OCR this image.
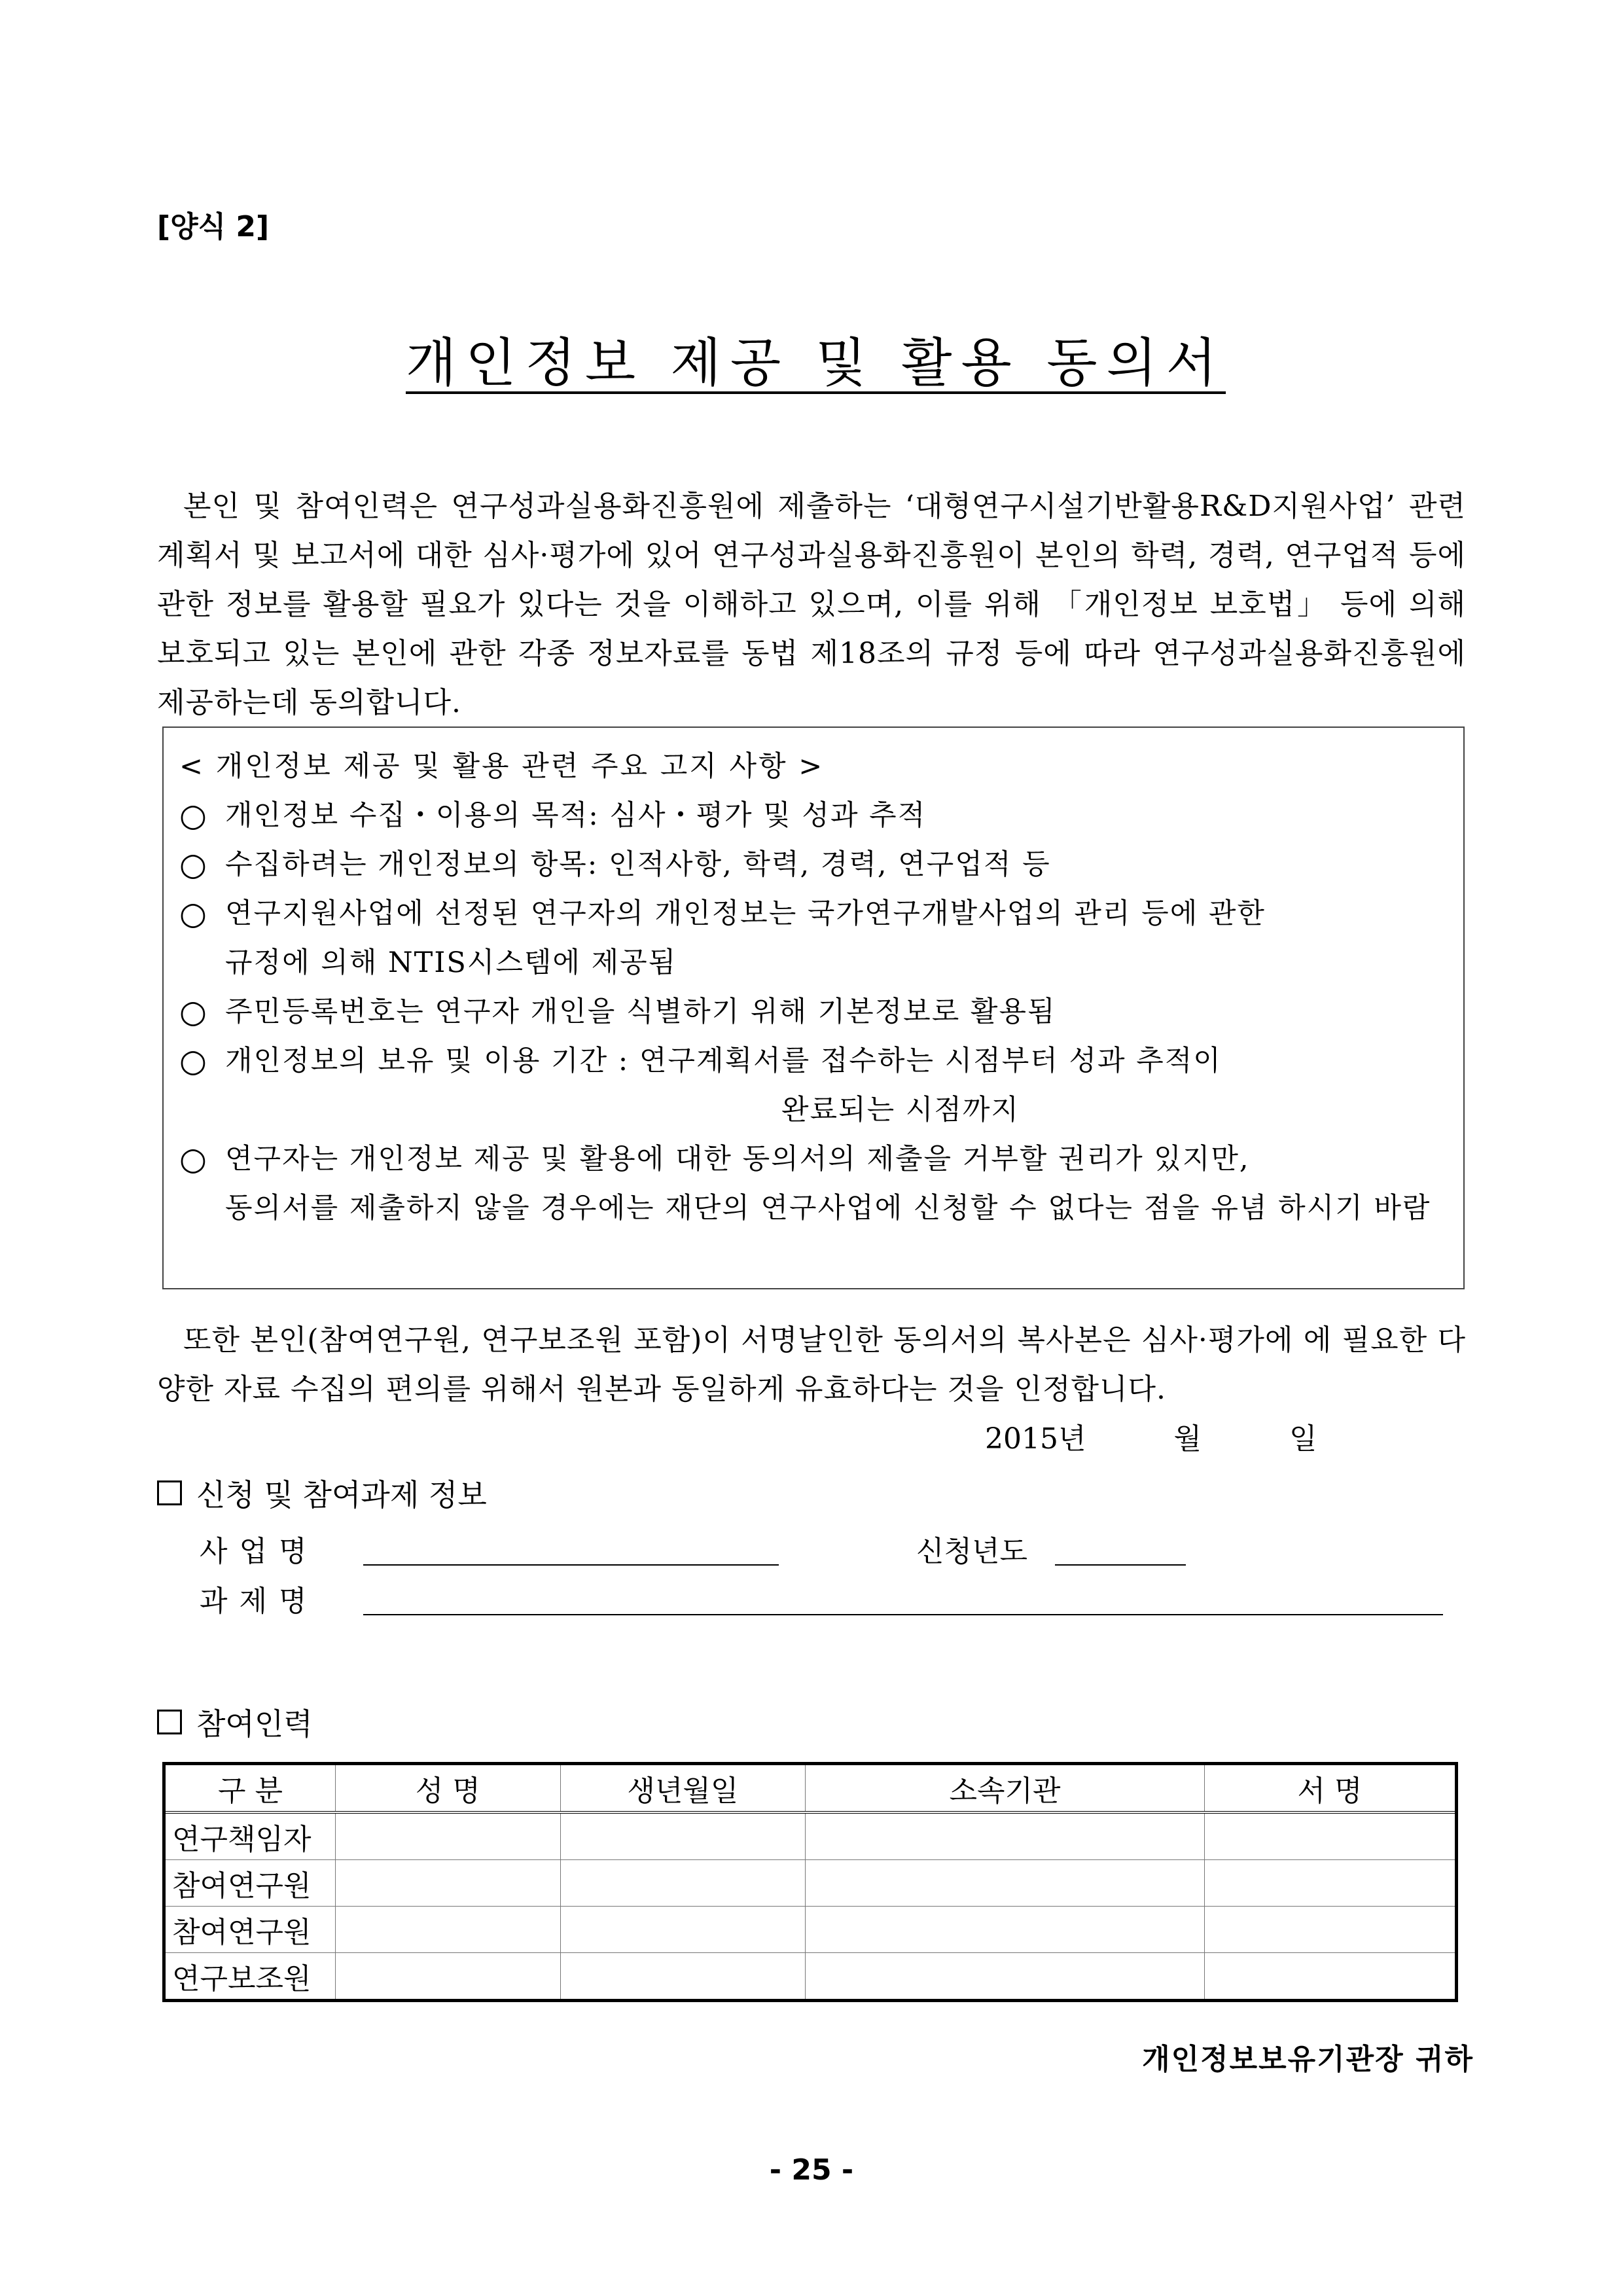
[양식 2]
개인정보 제공 및 활용 동의서
본인 및 참여인력은 연구성과실용화진흥원에 제출하는 ‘대형연구시설기반활용R&D지원사업’ 관련 계획서 및 보고서에 대한 심사·평가에 있어 연구성과실용화진흥원이 본인의 학력, 경력, 연구업적 등에 관한 정보를 활용할 필요가 있다는 것을 이해하고 있으며, 이를 위해 「개인정보 보호법」 등에 의해 보호되고 있는 본인에 관한 각종 정보자료를 동법 제18조의 규정 등에 따라 연구성과실용화진흥원에 제공하는데 동의합니다.
< 개인정보 제공 및 활용 관련 주요 고지 사항 >
○ 개인정보 수집・이용의 목적: 심사・평가 및 성과 추적
○ 수집하려는 개인정보의 항목: 인적사항, 학력, 경력, 연구업적 등
○ 연구지원사업에 선정된 연구자의 개인정보는 국가연구개발사업의 관리 등에 관한
규정에 의해 NTIS시스템에 제공됨
○ 주민등록번호는 연구자 개인을 식별하기 위해 기본정보로 활용됨
○ 개인정보의 보유 및 이용 기간 : 연구계획서를 접수하는 시점부터 성과 추적이
완료되는 시점까지
○ 연구자는 개인정보 제공 및 활용에 대한 동의서의 제출을 거부할 권리가 있지만,
동의서를 제출하지 않을 경우에는 재단의 연구사업에 신청할 수 없다는 점을 유념 하시기 바람
또한 본인(참여연구원, 연구보조원 포함)이 서명날인한 동의서의 복사본은 심사·평가에 에 필요한 다양한 자료 수집의 편의를 위해서 원본과 동일하게 유효하다는 것을 인정합니다.
2015년	월	일
신청 및 참여과제 정보
사업명	신청년도
과제명
참여인력
구 분	성 명	생년월일	소속기관	서 명
연구책임자				
참여연구원				
참여연구원				
연구보조원				
개인정보보유기관장 귀하
- 25 -
